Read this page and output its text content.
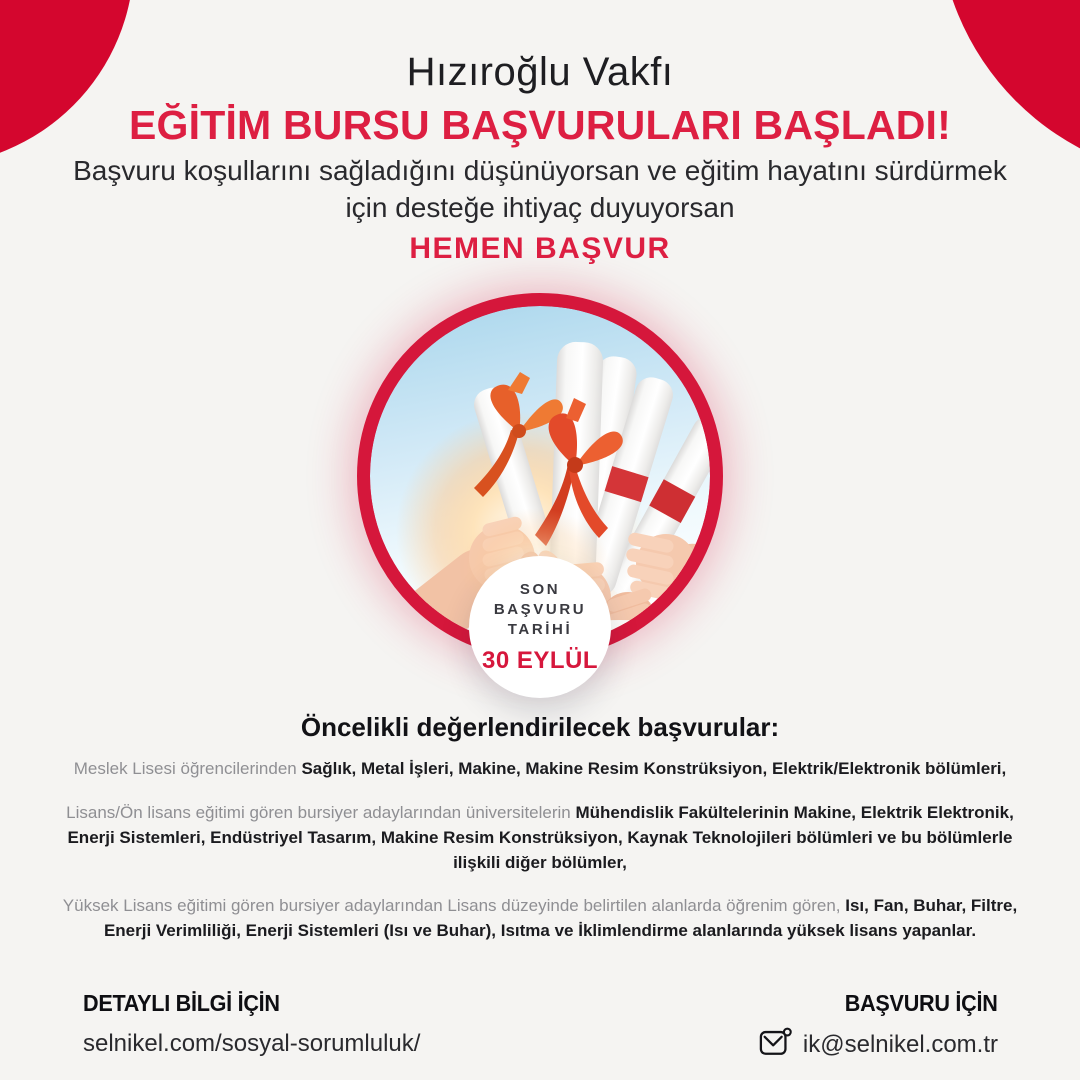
Hızıroğlu Vakfı
EĞİTİM BURSU BAŞVURULARI BAŞLADI!
Başvuru koşullarını sağladığını düşünüyorsan ve eğitim hayatını sürdürmek için desteğe ihtiyaç duyuyorsan
HEMEN BAŞVUR
SON
BAŞVURU
TARİHİ
30 EYLÜL
Öncelikli değerlendirilecek başvurular:

Meslek Lisesi öğrencilerinden Sağlık, Metal İşleri, Makine, Makine Resim Konstrüksiyon, Elektrik/Elektronik bölümleri,

Lisans/Ön lisans eğitimi gören bursiyer adaylarından üniversitelerin Mühendislik Fakültelerinin Makine, Elektrik Elektronik, Enerji Sistemleri, Endüstriyel Tasarım, Makine Resim Konstrüksiyon, Kaynak Teknolojileri bölümleri ve bu bölümlerle ilişkili diğer bölümler,

Yüksek Lisans eğitimi gören bursiyer adaylarından Lisans düzeyinde belirtilen alanlarda öğrenim gören, Isı, Fan, Buhar, Filtre, Enerji Verimliliği, Enerji Sistemleri (Isı ve Buhar), Isıtma ve İklimlendirme alanlarında yüksek lisans yapanlar.

DETAYLI BİLGİ İÇİN
selnikel.com/sosyal-sorumluluk/
BAŞVURU İÇİN
ik@selnikel.com.tr
